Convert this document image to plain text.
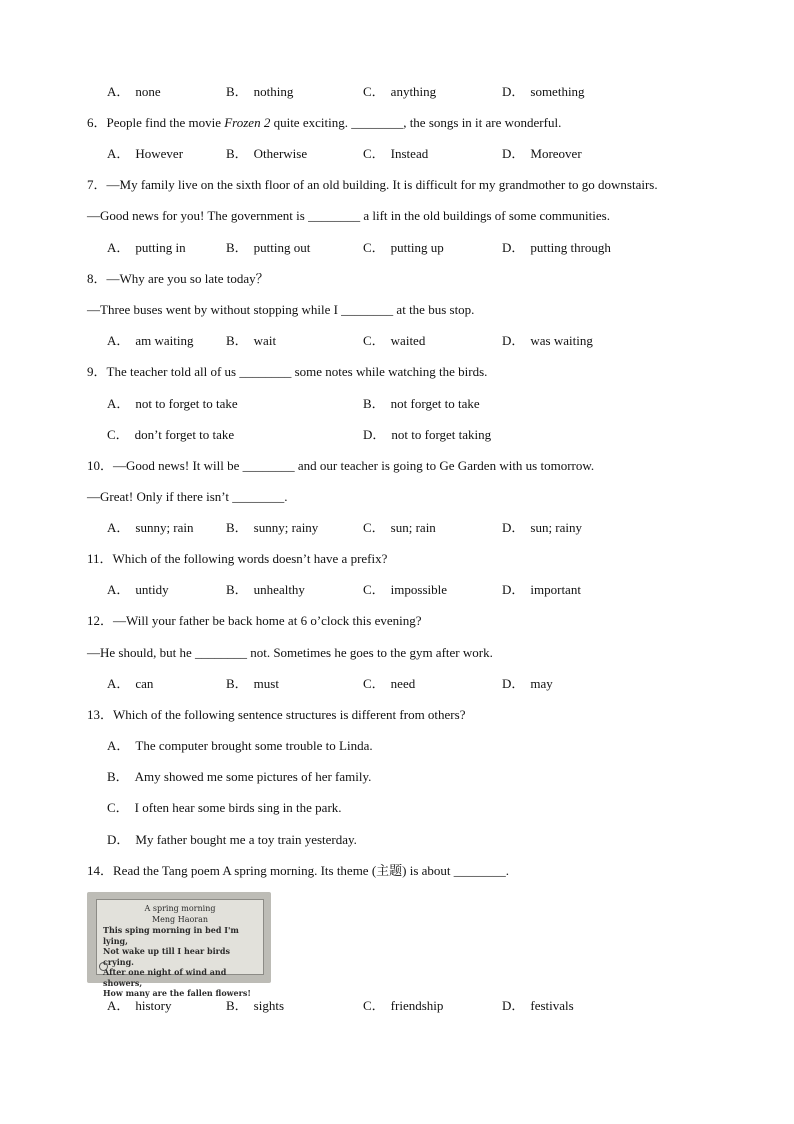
A． none	B． nothing	C． anything	D． something
6．People find the movie Frozen 2 quite exciting. ________, the songs in it are wonderful.
A． However	B． Otherwise	C． Instead	D． Moreover
7．—My family live on the sixth floor of an old building. It is difficult for my grandmother to go downstairs.
—Good news for you! The government is ________ a lift in the old buildings of some communities.
A． putting in	B． putting out	C． putting up	D． putting through
8．—Why are you so late today？
—Three buses went by without stopping while I ________ at the bus stop.
A． am waiting B． wait	C． waited	D． was waiting
9．The teacher told all of us ________ some notes while watching the birds.
A． not to forget to take	B． not forget to take
C． don’t forget to take	D． not to forget taking
10．—Good news! It will be ________ and our teacher is going to Ge Garden with us tomorrow.
—Great! Only if there isn’t ________.
A． sunny; rain B． sunny; rainy	C． sun; rain	D． sun; rainy
11．Which of the following words doesn’t have a prefix?
A． untidy	B． unhealthy	C． impossible	D． important
12．—Will your father be back home at 6 o’clock this evening?
—He should, but he ________ not. Sometimes he goes to the gym after work.
A． can	B． must	C． need	D． may
13．Which of the following sentence structures is different from others?
A． The computer brought some trouble to Linda.
B． Amy showed me some pictures of her family.
C． I often hear some birds sing in the park.
D． My father bought me a toy train yesterday.
14．Read the Tang poem A spring morning. Its theme (主题) is about ________.
A spring morning
Meng Haoran
This sping morning in bed I'm lying,
Not wake up till I hear birds crying.
After one night of wind and showers,
How many are the fallen flowers!
A． history	B． sights	C． friendship	D． festivals
